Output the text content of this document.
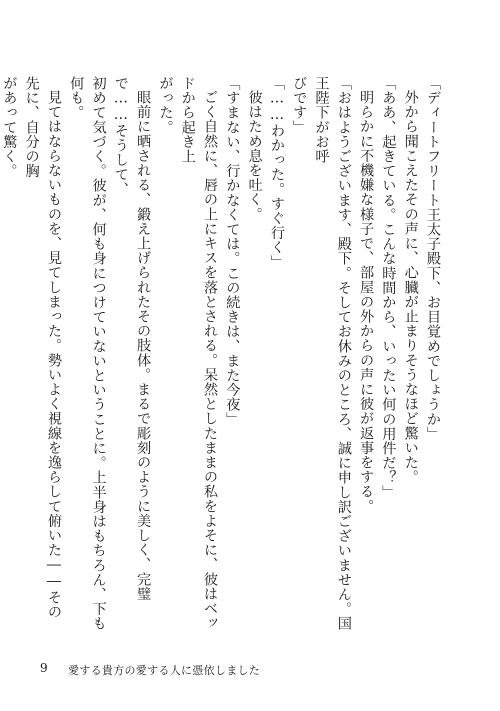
「ディートフリート王太子殿下、お目覚めでしょうか」

外から聞こえたその声に、心臓が止まりそうなほど驚いた。

「ああ、起きている。こんな時間から、いったい何の用件だ？」

明らかに不機嫌な様子で、部屋の外からの声に彼が返事をする。

「おはようございます、殿下。そしてお休みのところ、誠に申し訳ございません。国王陛下がお呼

びです」

「……わかった。すぐ行く」

彼はため息を吐く。

「すまない、行かなくては。この続きは、また今夜」

ごく自然に、唇の上にキスを落とされる。呆然としたままの私をよそに、彼はベッドから起き上

がった。

眼前に晒される、鍛え上げられたその肢体。まるで彫刻のように美しく、完璧で……そうして、

初めて気づく。彼が、何も身につけていないということに。上半身はもちろん、下も何も。

見てはならないものを、見てしまった。勢いよく視線を逸らして俯いた――その先に、自分の胸

があって驚く。

9 愛する貴方の愛する人に憑依しました
